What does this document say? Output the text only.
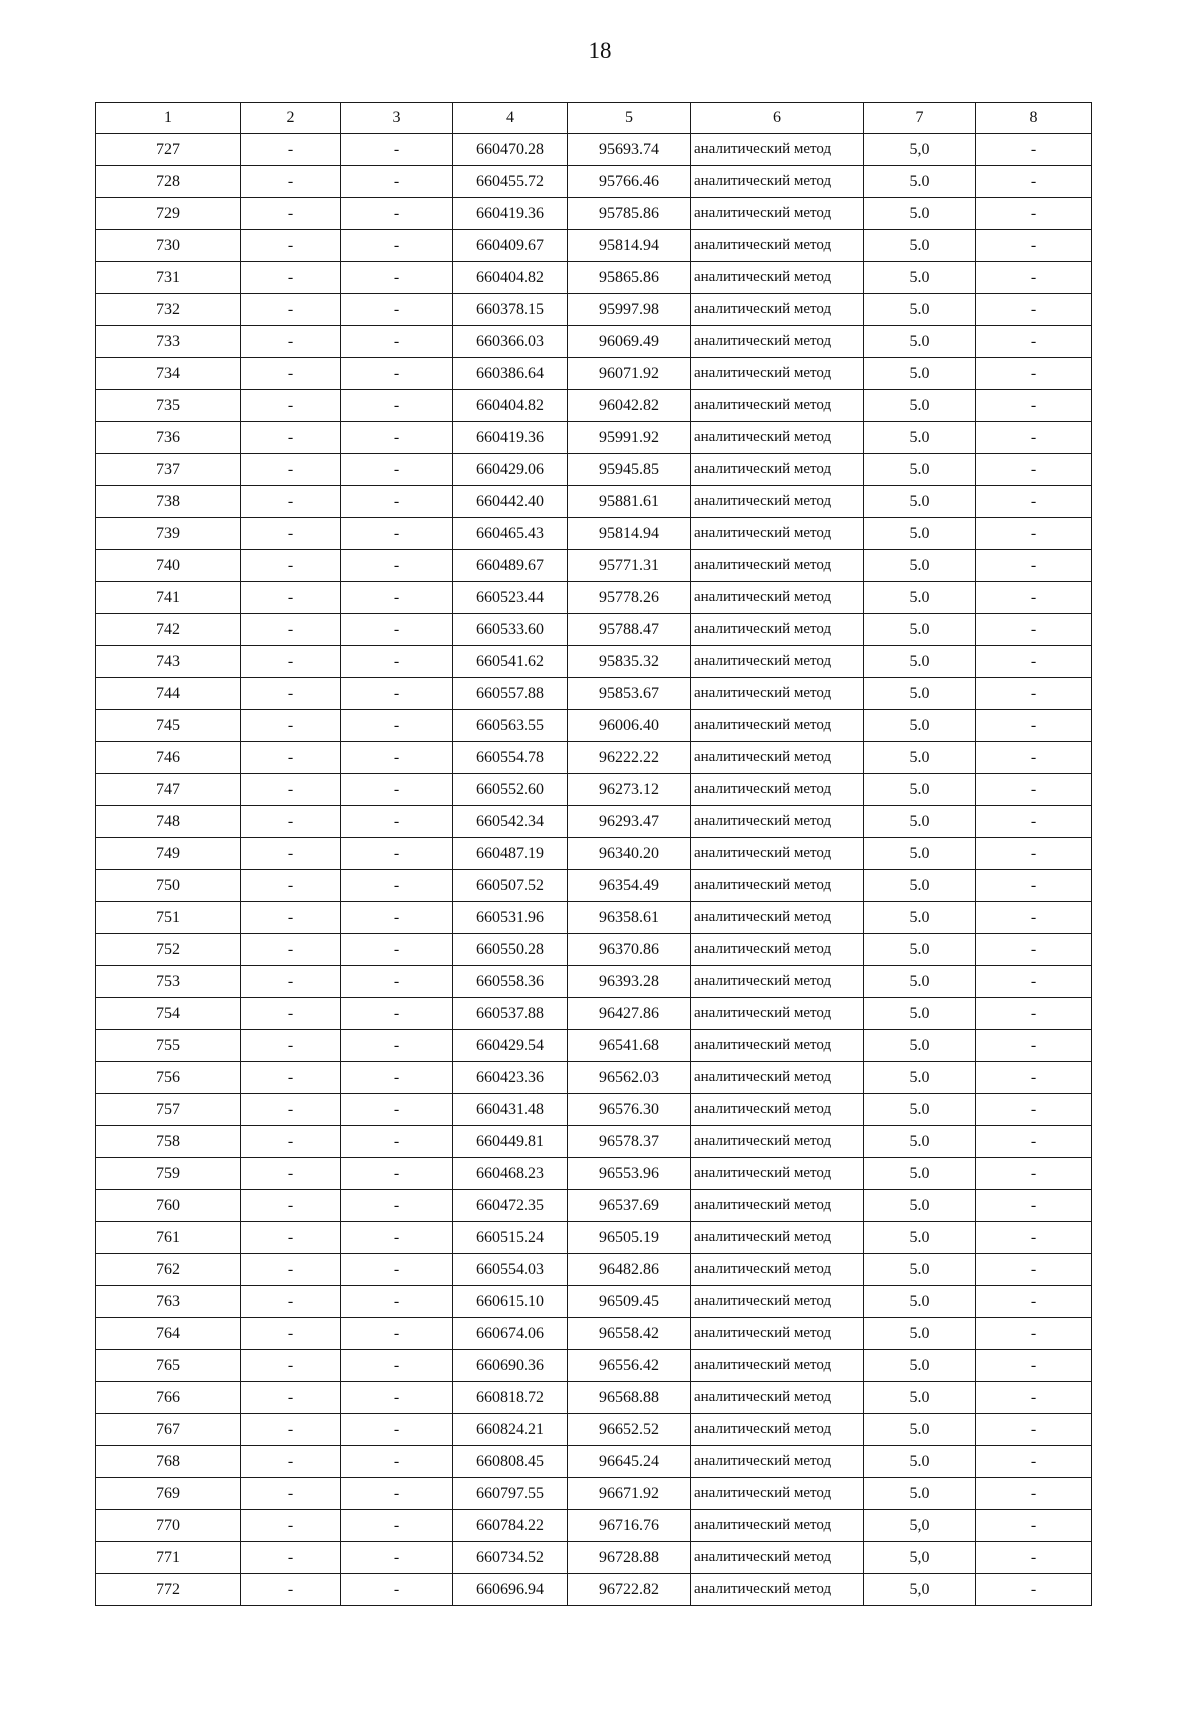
18
1	2	3	4	5	6	7	8
727	-	-	660470.28	95693.74	аналитический метод	5,0	-
728	-	-	660455.72	95766.46	аналитический метод	5.0	-
729	-	-	660419.36	95785.86	аналитический метод	5.0	-
730	-	-	660409.67	95814.94	аналитический метод	5.0	-
731	-	-	660404.82	95865.86	аналитический метод	5.0	-
732	-	-	660378.15	95997.98	аналитический метод	5.0	-
733	-	-	660366.03	96069.49	аналитический метод	5.0	-
734	-	-	660386.64	96071.92	аналитический метод	5.0	-
735	-	-	660404.82	96042.82	аналитический метод	5.0	-
736	-	-	660419.36	95991.92	аналитический метод	5.0	-
737	-	-	660429.06	95945.85	аналитический метод	5.0	-
738	-	-	660442.40	95881.61	аналитический метод	5.0	-
739	-	-	660465.43	95814.94	аналитический метод	5.0	-
740	-	-	660489.67	95771.31	аналитический метод	5.0	-
741	-	-	660523.44	95778.26	аналитический метод	5.0	-
742	-	-	660533.60	95788.47	аналитический метод	5.0	-
743	-	-	660541.62	95835.32	аналитический метод	5.0	-
744	-	-	660557.88	95853.67	аналитический метод	5.0	-
745	-	-	660563.55	96006.40	аналитический метод	5.0	-
746	-	-	660554.78	96222.22	аналитический метод	5.0	-
747	-	-	660552.60	96273.12	аналитический метод	5.0	-
748	-	-	660542.34	96293.47	аналитический метод	5.0	-
749	-	-	660487.19	96340.20	аналитический метод	5.0	-
750	-	-	660507.52	96354.49	аналитический метод	5.0	-
751	-	-	660531.96	96358.61	аналитический метод	5.0	-
752	-	-	660550.28	96370.86	аналитический метод	5.0	-
753	-	-	660558.36	96393.28	аналитический метод	5.0	-
754	-	-	660537.88	96427.86	аналитический метод	5.0	-
755	-	-	660429.54	96541.68	аналитический метод	5.0	-
756	-	-	660423.36	96562.03	аналитический метод	5.0	-
757	-	-	660431.48	96576.30	аналитический метод	5.0	-
758	-	-	660449.81	96578.37	аналитический метод	5.0	-
759	-	-	660468.23	96553.96	аналитический метод	5.0	-
760	-	-	660472.35	96537.69	аналитический метод	5.0	-
761	-	-	660515.24	96505.19	аналитический метод	5.0	-
762	-	-	660554.03	96482.86	аналитический метод	5.0	-
763	-	-	660615.10	96509.45	аналитический метод	5.0	-
764	-	-	660674.06	96558.42	аналитический метод	5.0	-
765	-	-	660690.36	96556.42	аналитический метод	5.0	-
766	-	-	660818.72	96568.88	аналитический метод	5.0	-
767	-	-	660824.21	96652.52	аналитический метод	5.0	-
768	-	-	660808.45	96645.24	аналитический метод	5.0	-
769	-	-	660797.55	96671.92	аналитический метод	5.0	-
770	-	-	660784.22	96716.76	аналитический метод	5,0	-
771	-	-	660734.52	96728.88	аналитический метод	5,0	-
772	-	-	660696.94	96722.82	аналитический метод	5,0	-
